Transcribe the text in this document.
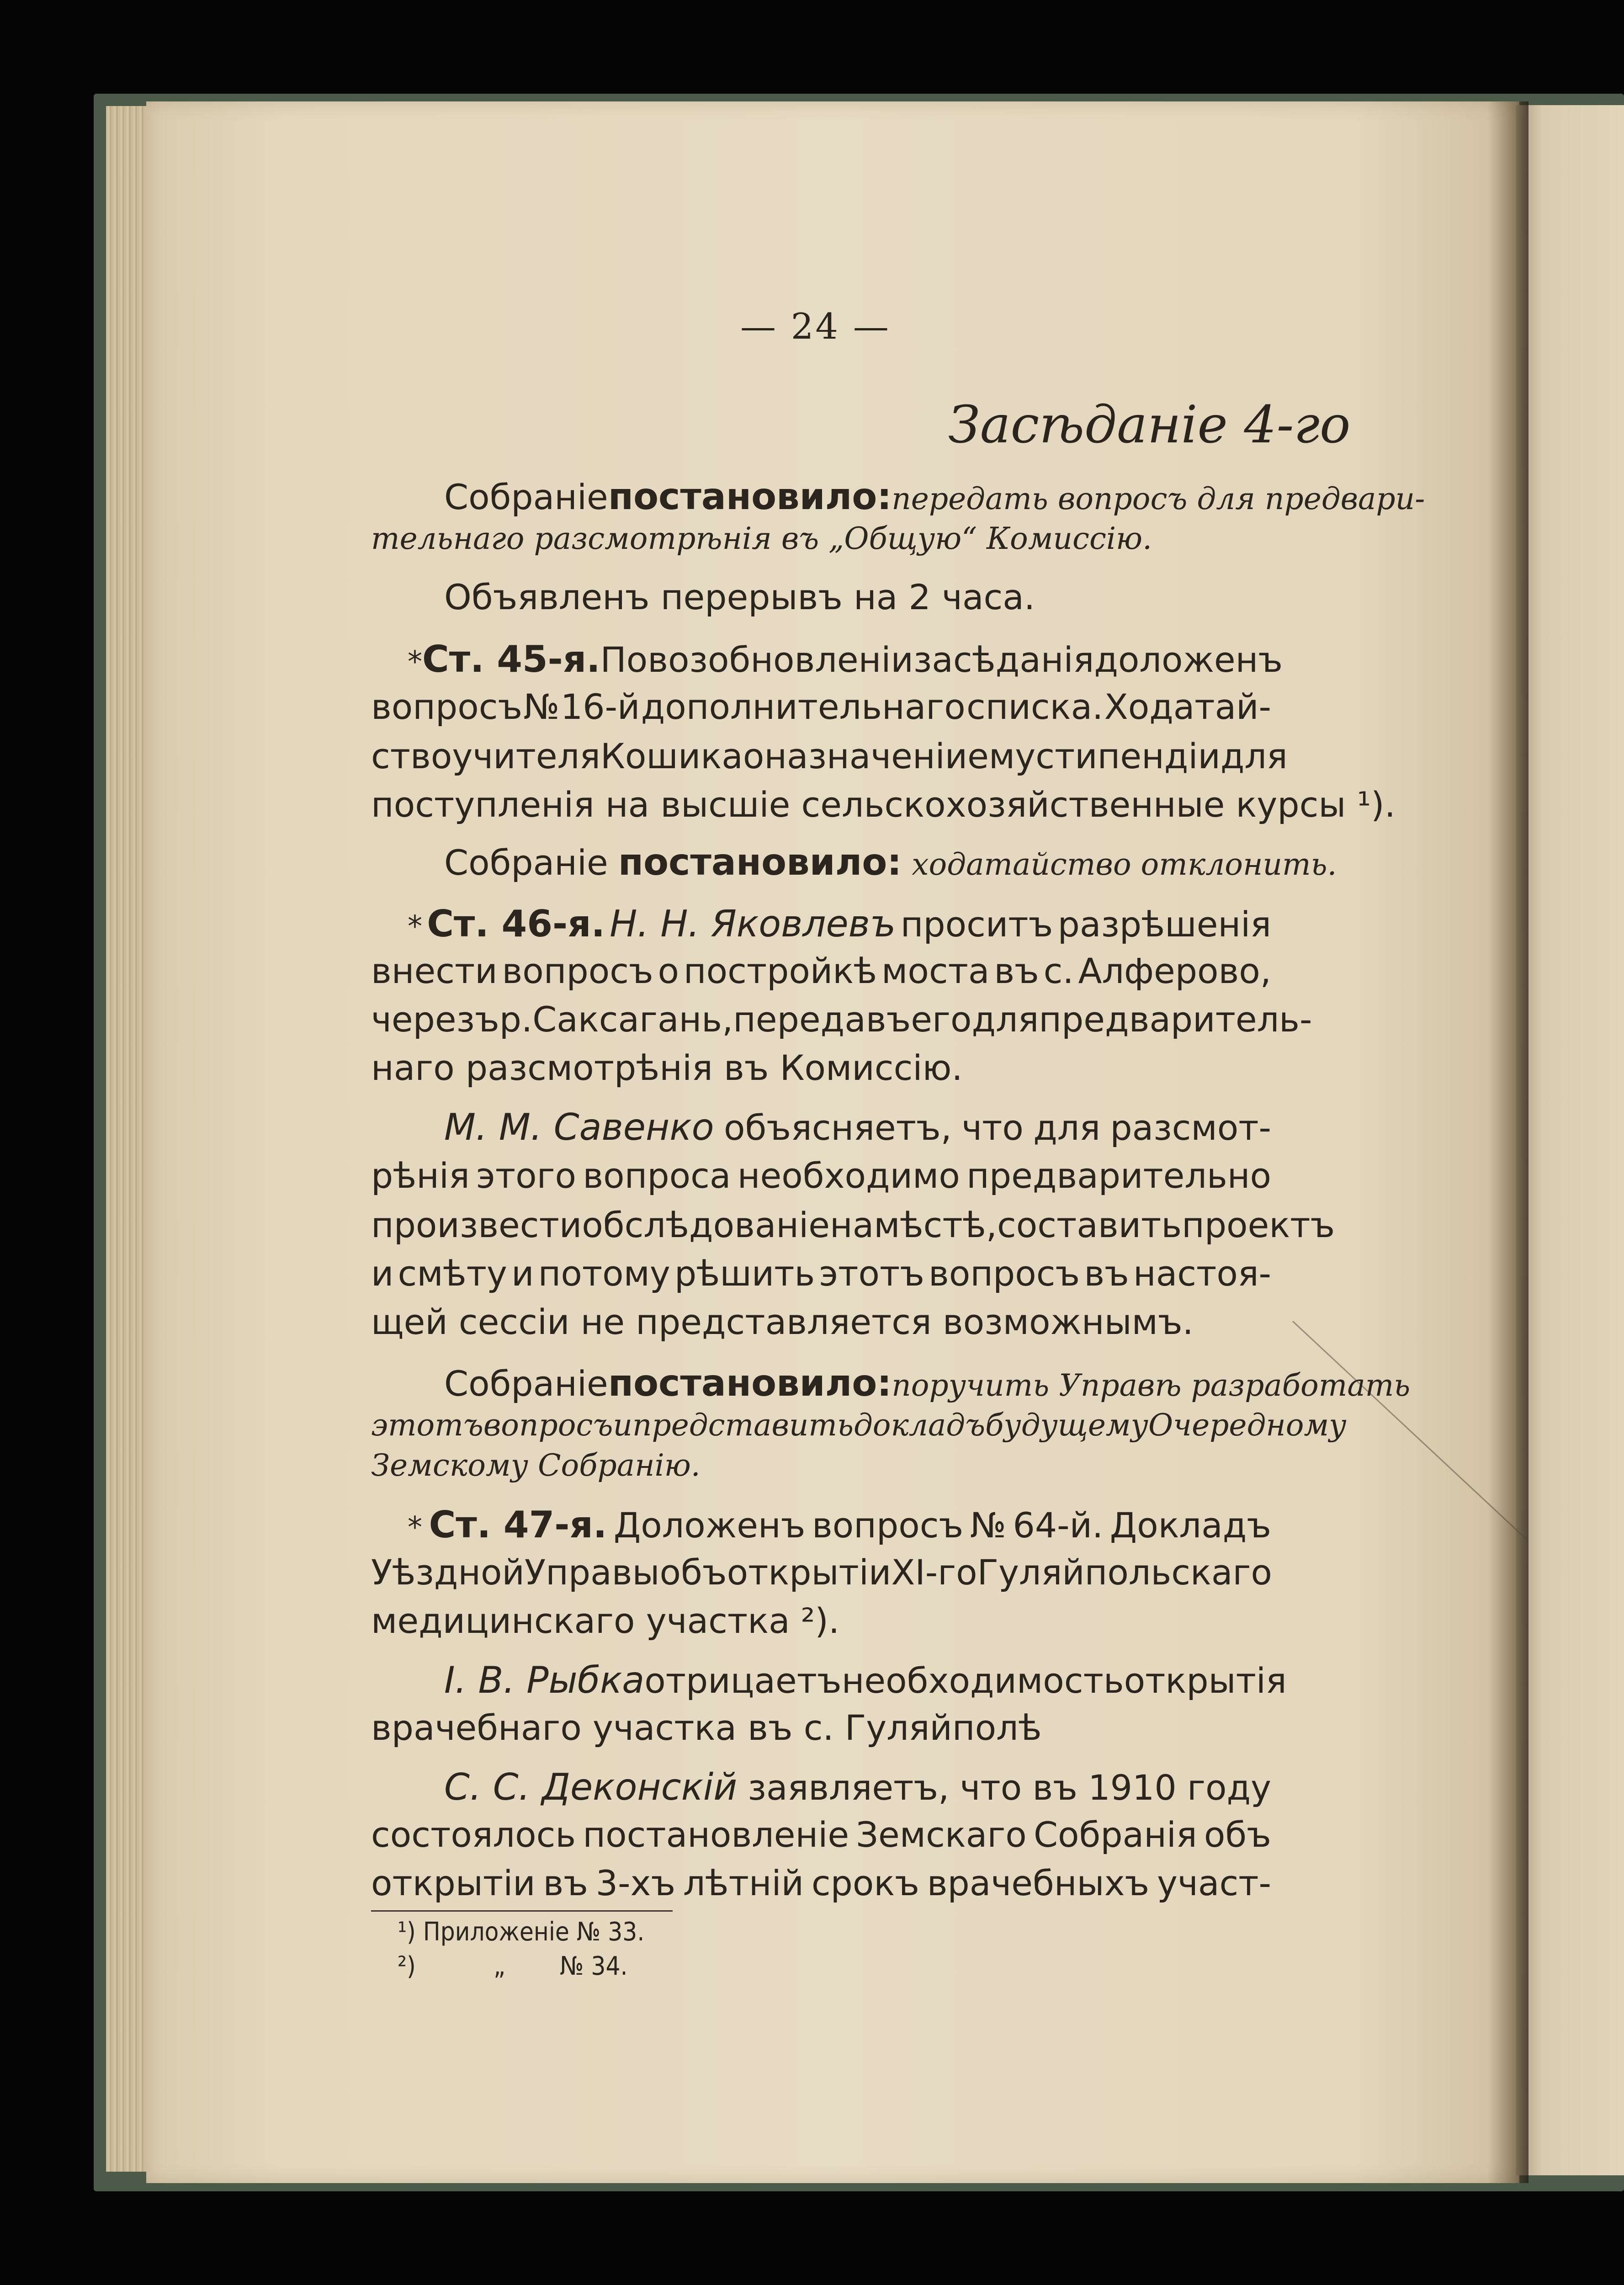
— 24 —
Засѣданіе 4-го
Собраніе постановило: передать вопросъ для предвари-
тельнаго разсмотрѣнія въ „Общую“ Комиссію.
Объявленъ перерывъ на 2 часа.
* Ст. 45-я. По возобновленіи засѣданія доложенъ
вопросъ № 16-й дополнительнаго списка. Ходатай-
ство учителя Кошика о назначеніи ему стипендіи для
поступленія на высшіе сельскохозяйственные курсы ¹).
Собраніе постановило: ходатайство отклонить.
* Ст. 46-я. Н. Н. Яковлевъ проситъ разрѣшенія
внести вопросъ о постройкѣ моста въ с. Алферово,
черезъ р. Саксагань, передавъ его для предваритель-
наго разсмотрѣнія въ Комиссію.
М. М. Савенко объясняетъ, что для разсмот-
рѣнія этого вопроса необходимо предварительно
произвести обслѣдованіе на мѣстѣ, составить проектъ
и смѣту и потому рѣшить этотъ вопросъ въ настоя-
щей сессіи не представляется возможнымъ.
Собраніе постановило: поручить Управѣ разработать
этотъ вопросъ и представить докладъ будущему Очередному
Земскому Собранію.
* Ст. 47-я. Доложенъ вопросъ № 64-й. Докладъ
Уѣздной Управы объ открытіи XI-го Гуляйпольскаго
медицинскаго участка ²).
І. В. Рыбка отрицаетъ необходимость открытія
врачебнаго участка въ с. Гуляйполѣ
С. С. Деконскій заявляетъ, что въ 1910 году
состоялось постановленіе Земскаго Собранія объ
открытіи въ 3-хъ лѣтній срокъ врачебныхъ участ-
¹) Приложеніе № 33.
²)	„ № 34.
